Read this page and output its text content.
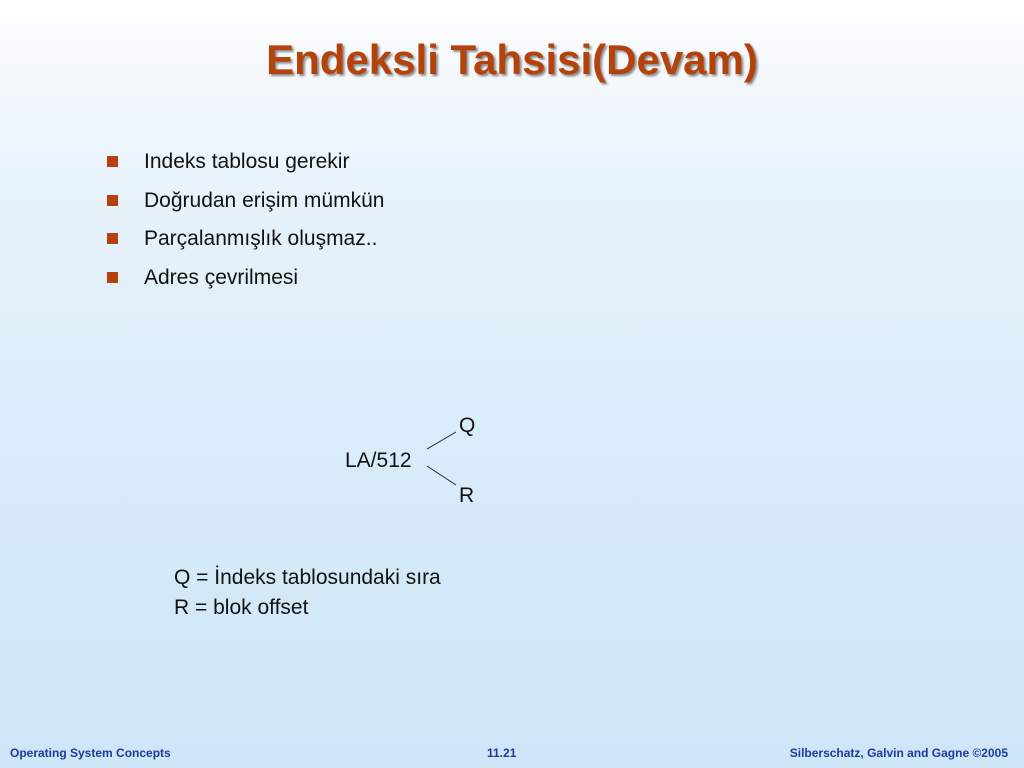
Endeksli Tahsisi(Devam)
Indeks tablosu gerekir
Doğrudan erişim mümkün
Parçalanmışlık oluşmaz..
Adres çevrilmesi
Q
LA/512
R
Q = İndeks tablosundaki sıra
R = blok offset
Operating System Concepts	11.21	Silberschatz, Galvin and Gagne ©2005
